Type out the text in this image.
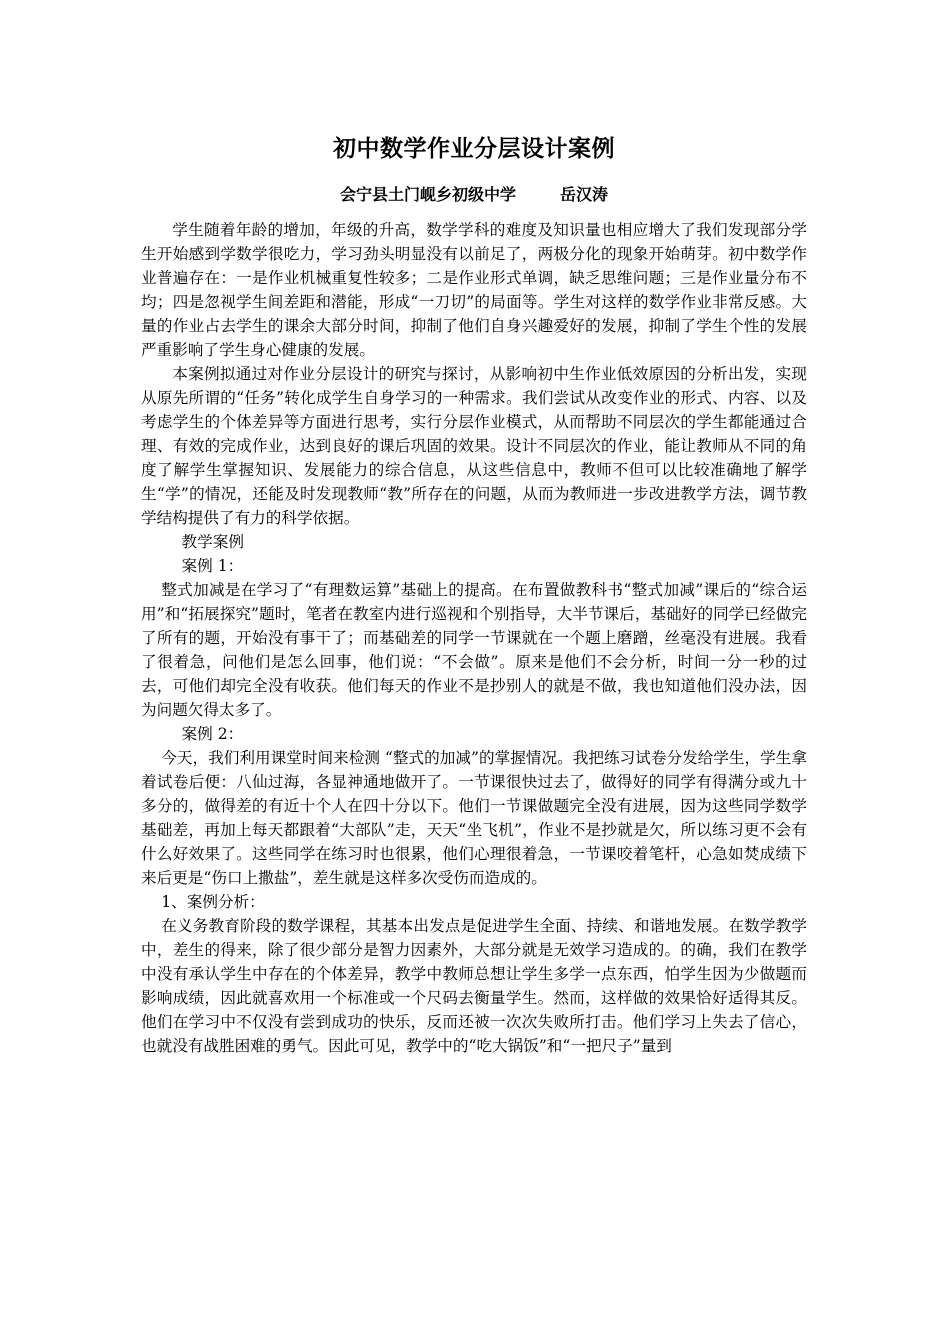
初中数学作业分层设计案例
会宁县土门岘乡初级中学	岳汉涛

学生随着年龄的增加，年级的升高，数学学科的难度及知识量也相应增大了我们发现部分学生开始感到学数学很吃力，学习劲头明显没有以前足了，两极分化的现象开始萌芽。初中数学作业普遍存在：一是作业机械重复性较多；二是作业形式单调，缺乏思维问题；三是作业量分布不均；四是忽视学生间差距和潜能，形成“一刀切”的局面等。学生对这样的数学作业非常反感。大量的作业占去学生的课余大部分时间，抑制了他们自身兴趣爱好的发展，抑制了学生个性的发展严重影响了学生身心健康的发展。

本案例拟通过对作业分层设计的研究与探讨，从影响初中生作业低效原因的分析出发，实现从原先所谓的“任务”转化成学生自身学习的一种需求。我们尝试从改变作业的形式、内容、以及考虑学生的个体差异等方面进行思考，实行分层作业模式，从而帮助不同层次的学生都能通过合理、有效的完成作业，达到良好的课后巩固的效果。设计不同层次的作业，能让教师从不同的角度了解学生掌握知识、发展能力的综合信息，从这些信息中，教师不但可以比较准确地了解学生“学”的情况，还能及时发现教师“教”所存在的问题，从而为教师进一步改进教学方法，调节教学结构提供了有力的科学依据。

教学案例

案例 1：

整式加减是在学习了“有理数运算”基础上的提高。在布置做教科书“整式加减”课后的“综合运用”和“拓展探究”题时，笔者在教室内进行巡视和个别指导，大半节课后，基础好的同学已经做完了所有的题，开始没有事干了；而基础差的同学一节课就在一个题上磨蹭，丝毫没有进展。我看了很着急，问他们是怎么回事，他们说：“不会做”。原来是他们不会分析，时间一分一秒的过去，可他们却完全没有收获。他们每天的作业不是抄别人的就是不做，我也知道他们没办法，因为问题欠得太多了。

案例 2：

今天，我们利用课堂时间来检测 “整式的加减”的掌握情况。我把练习试卷分发给学生，学生拿着试卷后便：八仙过海，各显神通地做开了。一节课很快过去了，做得好的同学有得满分或九十多分的，做得差的有近十个人在四十分以下。他们一节课做题完全没有进展，因为这些同学数学基础差，再加上每天都跟着“大部队”走，天天“坐飞机”，作业不是抄就是欠，所以练习更不会有什么好效果了。这些同学在练习时也很累，他们心理很着急，一节课咬着笔杆，心急如焚成绩下来后更是“伤口上撒盐”，差生就是这样多次受伤而造成的。

1、案例分析：

在义务教育阶段的数学课程，其基本出发点是促进学生全面、持续、和谐地发展。在数学教学中，差生的得来，除了很少部分是智力因素外，大部分就是无效学习造成的。的确，我们在教学中没有承认学生中存在的个体差异，教学中教师总想让学生多学一点东西，怕学生因为少做题而影响成绩，因此就喜欢用一个标准或一个尺码去衡量学生。然而，这样做的效果恰好适得其反。他们在学习中不仅没有尝到成功的快乐，反而还被一次次失败所打击。他们学习上失去了信心，也就没有战胜困难的勇气。因此可见，教学中的“吃大锅饭”和“一把尺子”量到
